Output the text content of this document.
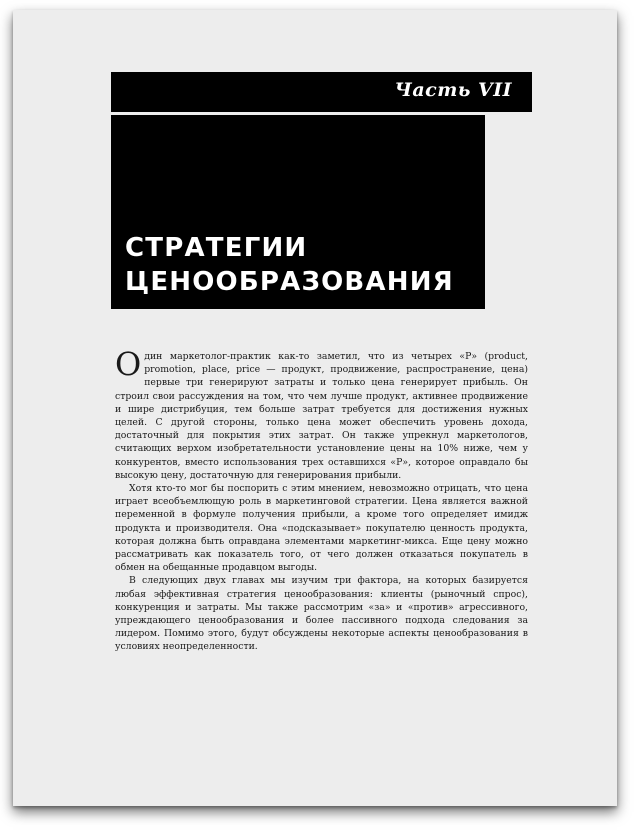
Часть VII
СТРАТЕГИИ
ЦЕНООБРАЗОВАНИЯ

Один маркетолог-практик как-то заметил, что из четырех «P» (product, promotion, place, price — продукт, продвижение, распространение, цена) первые три генерируют затраты и только цена генерирует прибыль. Он строил свои рассуждения на том, что чем лучше продукт, активнее продвижение и шире дистрибуция, тем больше затрат требуется для достижения нужных целей. С другой стороны, только цена может обеспечить уровень дохода, достаточный для покрытия этих затрат. Он также упрекнул маркетологов, считающих верхом изобретательности установление цены на 10% ниже, чем у конкурентов, вместо использования трех оставшихся «P», которое оправдало бы высокую цену, достаточную для генерирования прибыли.

Хотя кто-то мог бы поспорить с этим мнением, невозможно отрицать, что цена играет всеобъемлющую роль в маркетинговой стратегии. Цена является важной переменной в формуле получения прибыли, а кроме того определяет имидж продукта и производителя. Она «подсказывает» покупателю ценность продукта, которая должна быть оправдана элементами маркетинг-микса. Еще цену можно рассматривать как показатель того, от чего должен отказаться покупатель в обмен на обещанные продавцом выгоды.

В следующих двух главах мы изучим три фактора, на которых базируется любая эффективная стратегия ценообразования: клиенты (рыночный спрос), конкуренция и затраты. Мы также рассмотрим «за» и «против» агрессивного, упреждающего ценообразования и более пассивного подхода следования за лидером. Помимо этого, будут обсуждены некоторые аспекты ценообразования в условиях неопределенности.
